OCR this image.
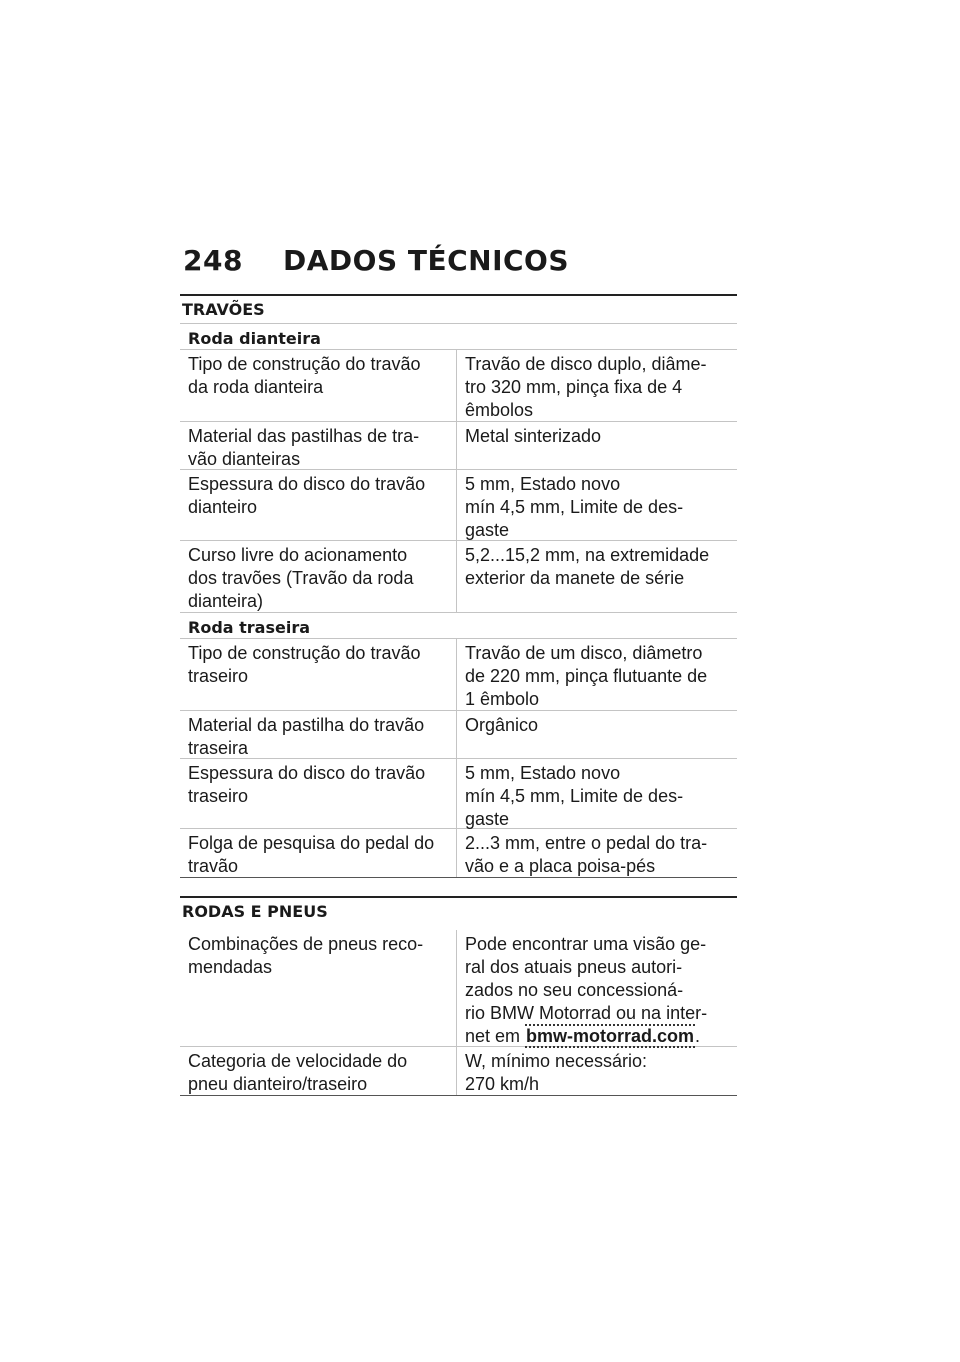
248 DADOS TÉCNICOS
TRAVÕES
Roda dianteira
Tipo de construção do travão
da roda dianteira
Travão de disco duplo, diâme-
tro 320 mm, pinça fixa de 4
êmbolos
Material das pastilhas de tra-
vão dianteiras
Metal sinterizado
Espessura do disco do travão
dianteiro
5 mm, Estado novo
mín 4,5 mm, Limite de des-
gaste
Curso livre do acionamento
dos travões (Travão da roda
dianteira)
5,2...15,2 mm, na extremidade
exterior da manete de série
Roda traseira
Tipo de construção do travão
traseiro
Travão de um disco, diâmetro
de 220 mm, pinça flutuante de
1 êmbolo
Material da pastilha do travão
traseira
Orgânico
Espessura do disco do travão
traseiro
5 mm, Estado novo
mín 4,5 mm, Limite de des-
gaste
Folga de pesquisa do pedal do
travão
2...3 mm, entre o pedal do tra-
vão e a placa poisa-pés
RODAS E PNEUS
Combinações de pneus reco-
mendadas
Pode encontrar uma visão ge-
ral dos atuais pneus autori-
zados no seu concessioná-
rio BMW Motorrad ou na inter-
net em bmw-motorrad.com.
Categoria de velocidade do
pneu dianteiro/traseiro
W, mínimo necessário:
270 km/h
